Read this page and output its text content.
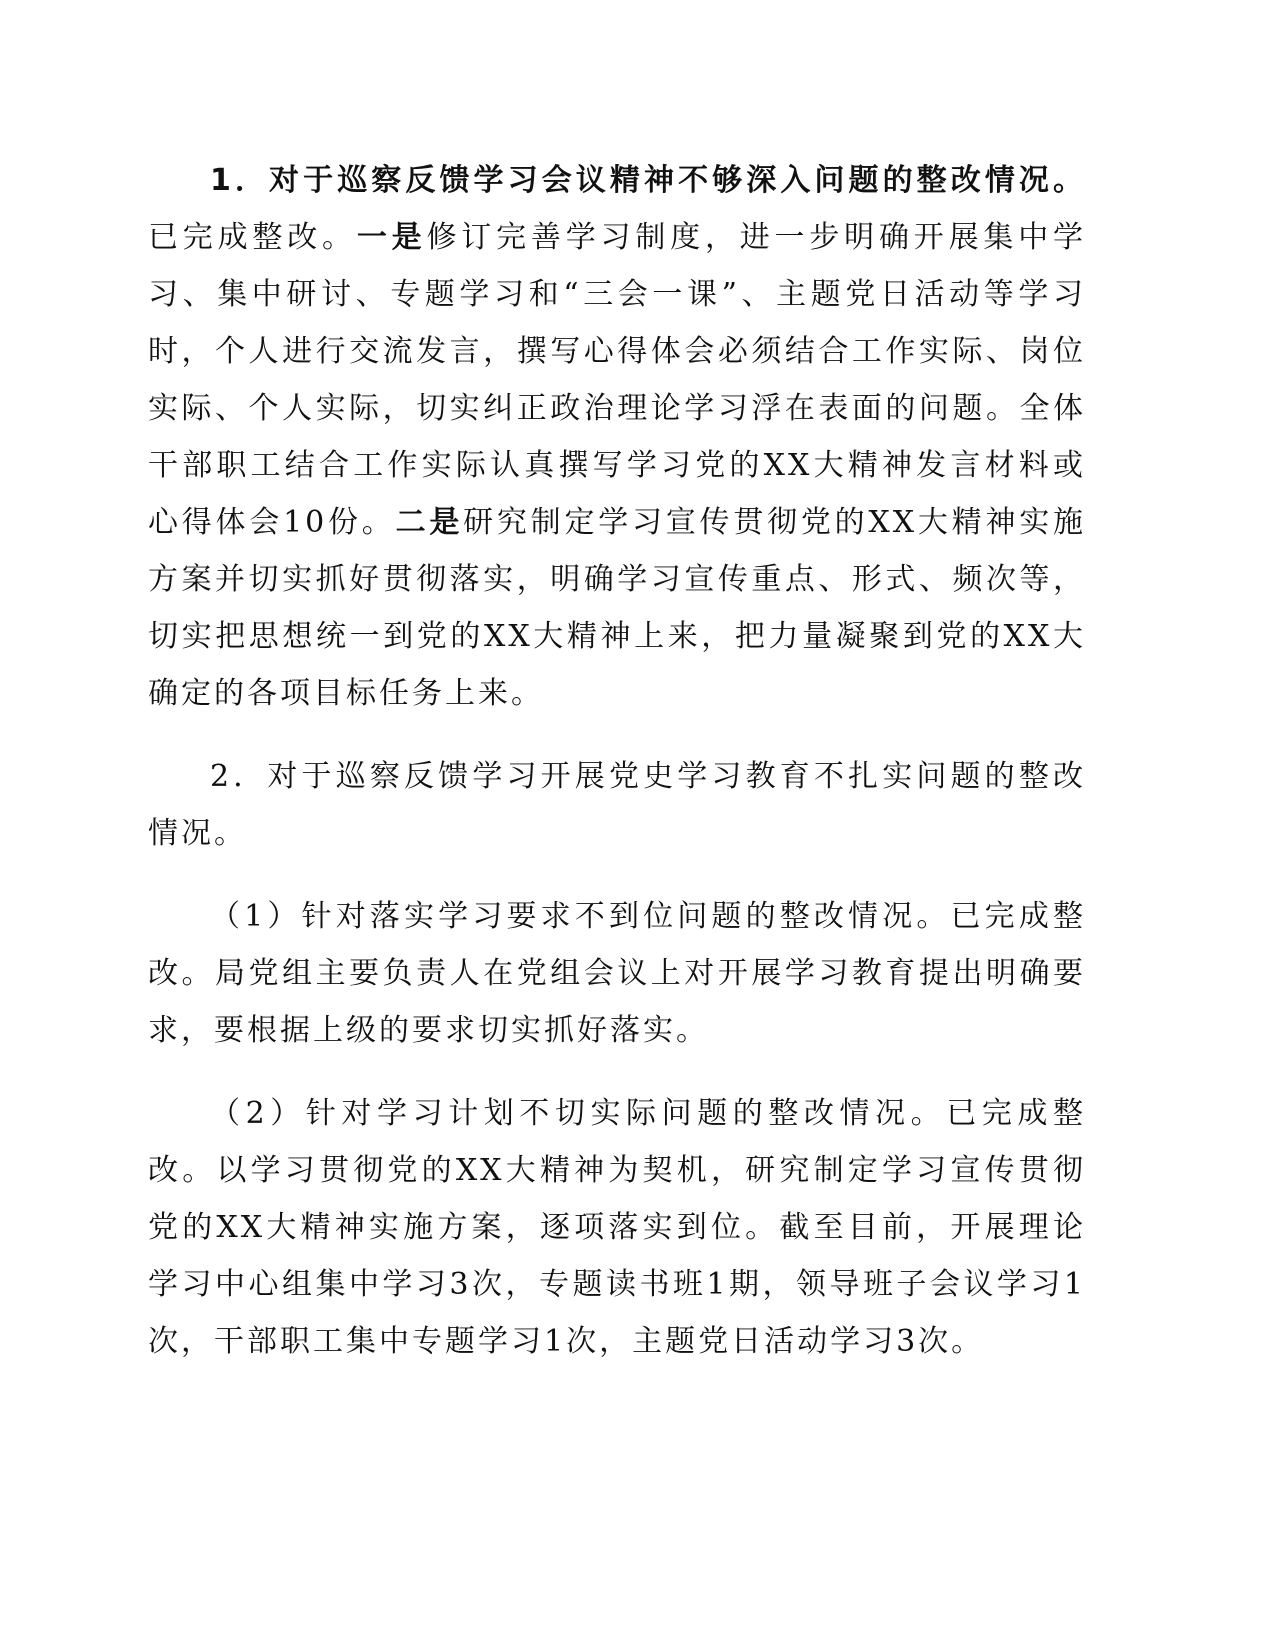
1．对于巡察反馈学习会议精神不够深入问题的整改情况。已完成整改。一是修订完善学习制度，进一步明确开展集中学习、集中研讨、专题学习和“三会一课”、主题党日活动等学习时，个人进行交流发言，撰写心得体会必须结合工作实际、岗位实际、个人实际，切实纠正政治理论学习浮在表面的问题。全体干部职工结合工作实际认真撰写学习党的XX大精神发言材料或心得体会10份。二是研究制定学习宣传贯彻党的XX大精神实施方案并切实抓好贯彻落实，明确学习宣传重点、形式、频次等，切实把思想统一到党的XX大精神上来，把力量凝聚到党的XX大确定的各项目标任务上来。

2．对于巡察反馈学习开展党史学习教育不扎实问题的整改情况。

（1）针对落实学习要求不到位问题的整改情况。已完成整改。局党组主要负责人在党组会议上对开展学习教育提出明确要求，要根据上级的要求切实抓好落实。

（2）针对学习计划不切实际问题的整改情况。已完成整改。以学习贯彻党的XX大精神为契机，研究制定学习宣传贯彻党的XX大精神实施方案，逐项落实到位。截至目前，开展理论学习中心组集中学习3次，专题读书班1期，领导班子会议学习1次，干部职工集中专题学习1次，主题党日活动学习3次。
